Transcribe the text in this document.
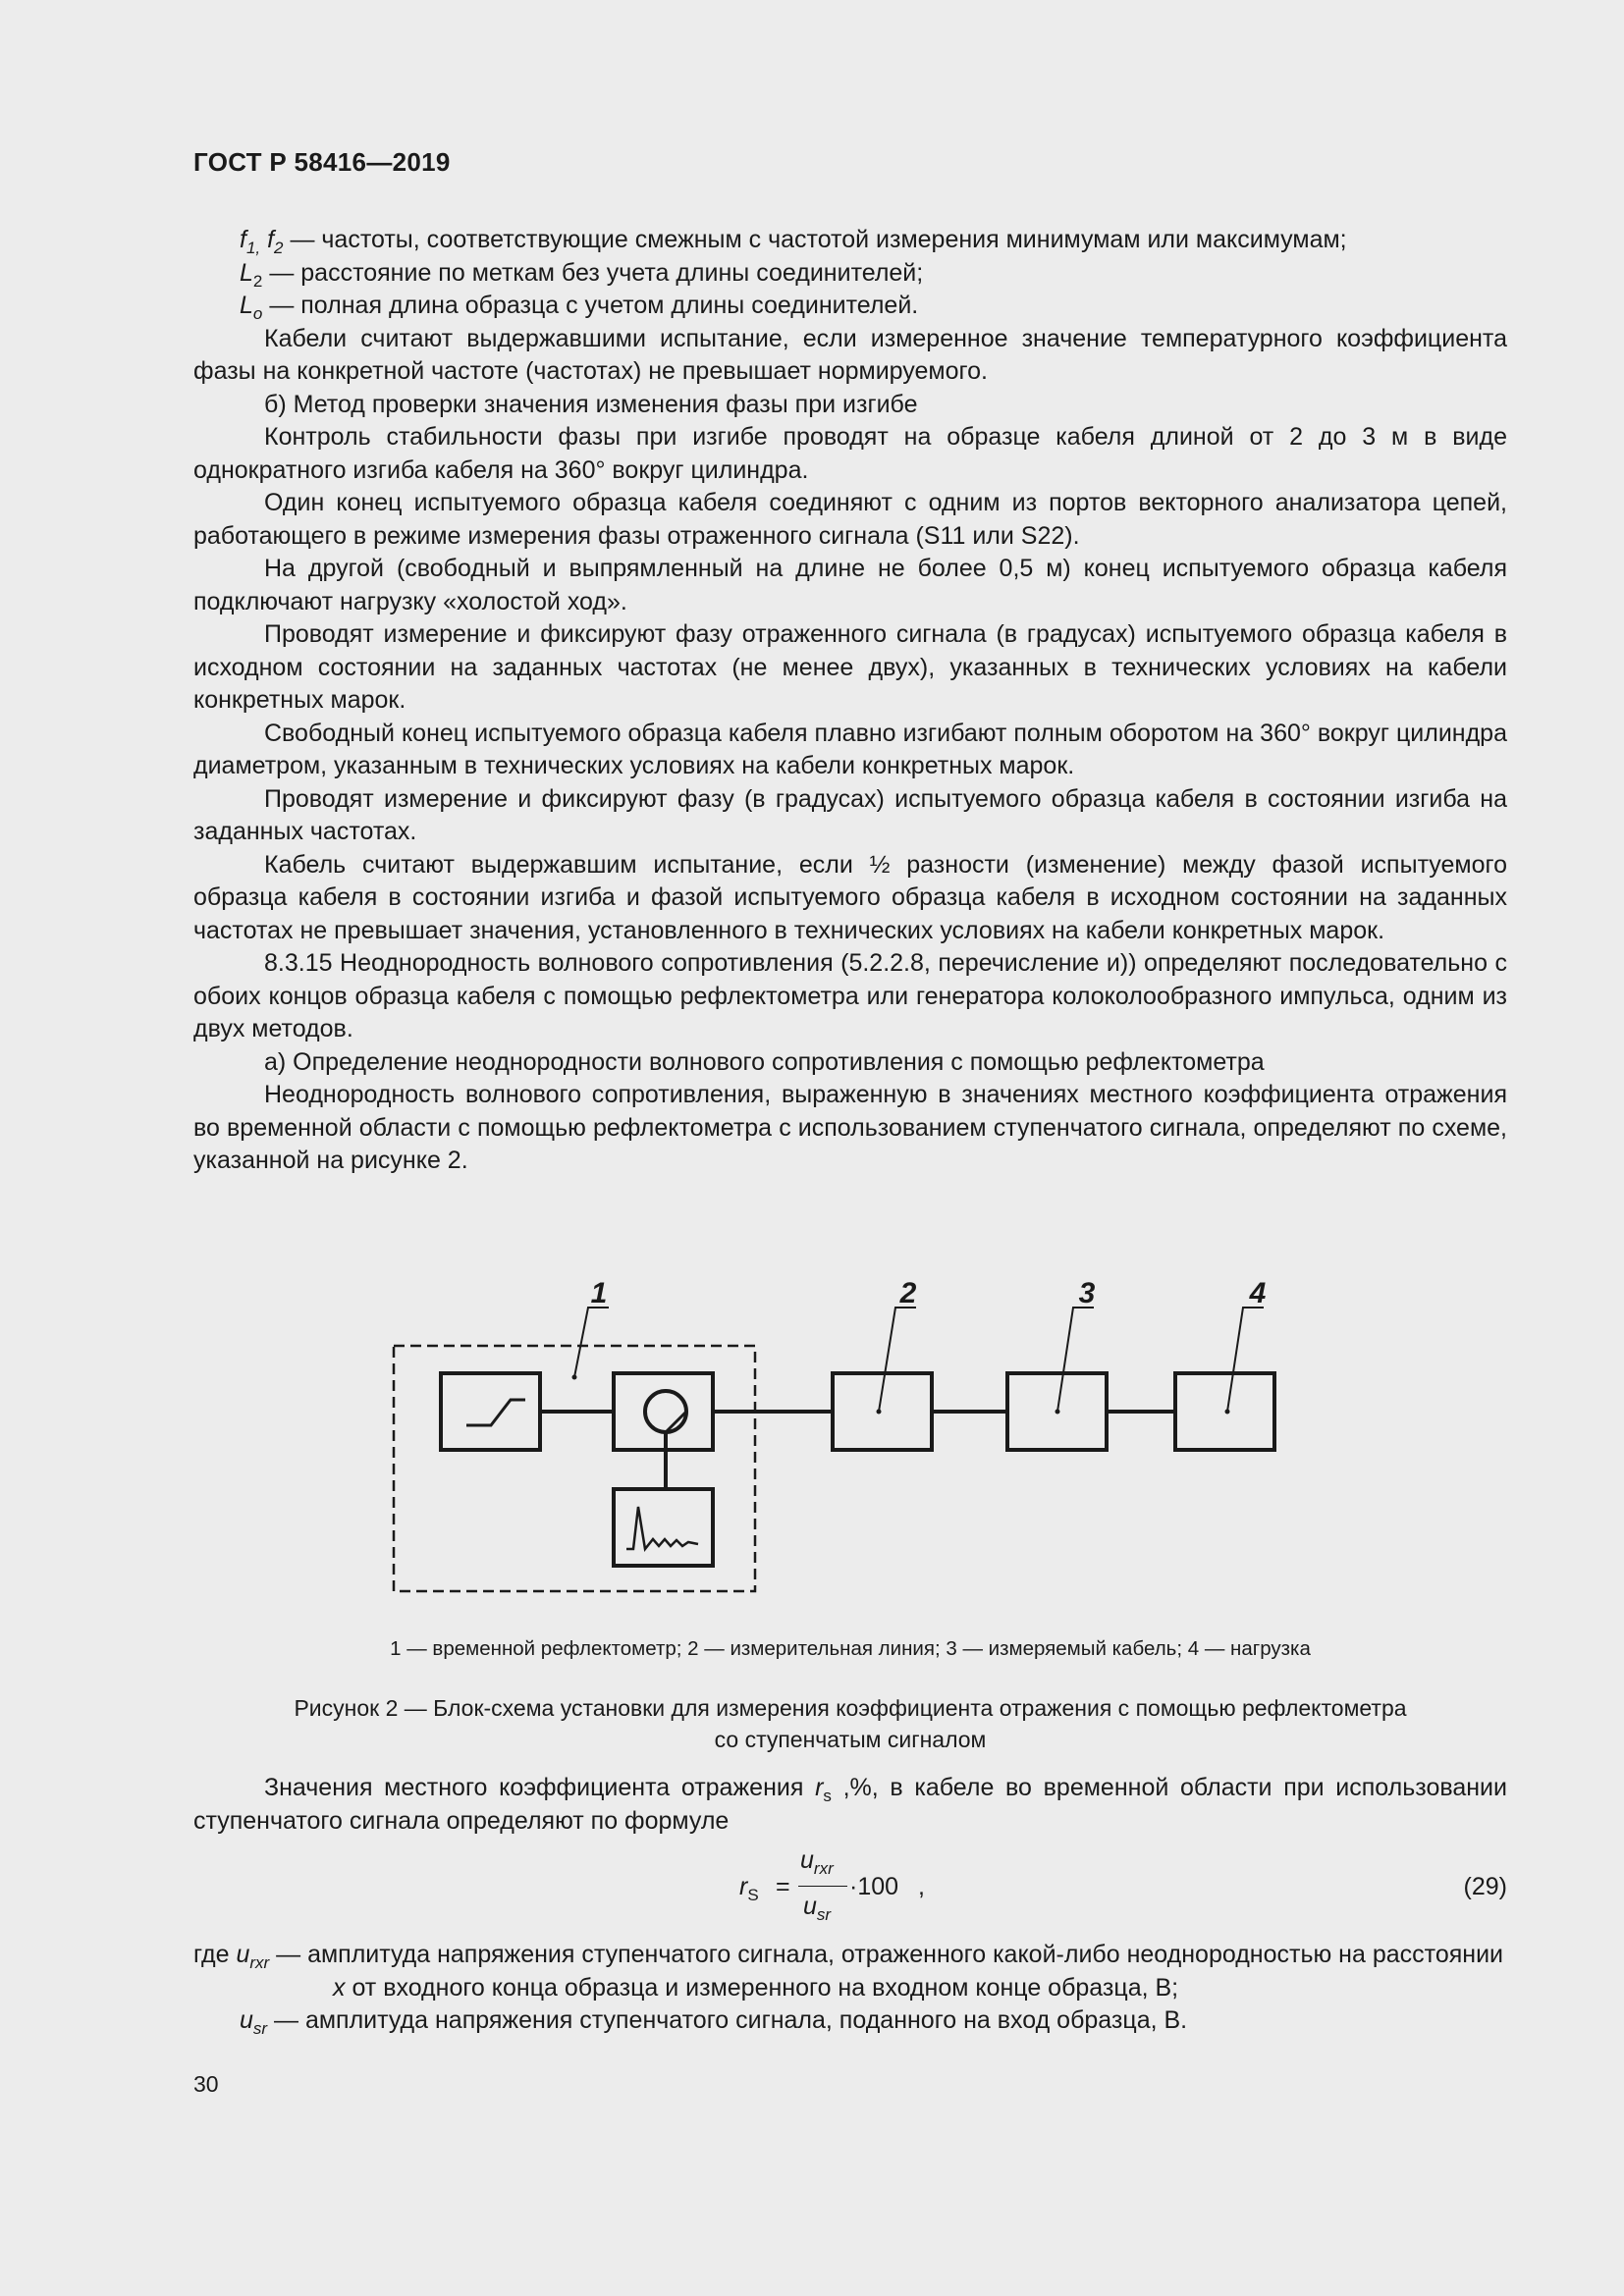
ГОСТ Р 58416—2019

$f_{1,}$ $f_2$ — частоты, соответствующие смежным с частотой измерения минимумам или максимумам;

$L_2$ — расстояние по меткам без учета длины соединителей;

$L_o$ — полная длина образца с учетом длины соединителей.

Кабели считают выдержавшими испытание, если измеренное значение температурного коэффициента фазы на конкретной частоте (частотах) не превышает нормируемого.

б) Метод проверки значения изменения фазы при изгибе

Контроль стабильности фазы при изгибе проводят на образце кабеля длиной от 2 до 3 м в виде однократного изгиба кабеля на 360° вокруг цилиндра.

Один конец испытуемого образца кабеля соединяют с одним из портов векторного анализатора цепей, работающего в режиме измерения фазы отраженного сигнала (S11 или S22).

На другой (свободный и выпрямленный на длине не более 0,5 м) конец испытуемого образца кабеля подключают нагрузку «холостой ход».

Проводят измерение и фиксируют фазу отраженного сигнала (в градусах) испытуемого образца кабеля в исходном состоянии на заданных частотах (не менее двух), указанных в технических условиях на кабели конкретных марок.

Свободный конец испытуемого образца кабеля плавно изгибают полным оборотом на 360° вокруг цилиндра диаметром, указанным в технических условиях на кабели конкретных марок.

Проводят измерение и фиксируют фазу (в градусах) испытуемого образца кабеля в состоянии изгиба на заданных частотах.

Кабель считают выдержавшим испытание, если ½ разности (изменение) между фазой испытуемого образца кабеля в состоянии изгиба и фазой испытуемого образца кабеля в исходном состоянии на заданных частотах не превышает значения, установленного в технических условиях на кабели конкретных марок.

8.3.15 Неоднородность волнового сопротивления (5.2.2.8, перечисление и)) определяют последовательно с обоих концов образца кабеля с помощью рефлектометра или генератора колоколообразного импульса, одним из двух методов.

а) Определение неоднородности волнового сопротивления с помощью рефлектометра

Неоднородность волнового сопротивления, выраженную в значениях местного коэффициента отражения во временной области с помощью рефлектометра с использованием ступенчатого сигнала, определяют по схеме, указанной на рисунке 2.

1	2	3	4
1 — временной рефлектометр; 2 — измерительная линия; 3 — измеряемый кабель; 4 — нагрузка
Рисунок 2 — Блок-схема установки для измерения коэффициента отражения с помощью рефлектометра
со ступенчатым сигналом

Значения местного коэффициента отражения $r_s$ ,%, в кабеле во временной области при использовании ступенчатого сигнала определяют по формуле

$r_S$ =
$u_{rxr}$
$u_{sr}$
·100 ,	(29)

где $u_{rxr}$ — амплитуда напряжения ступенчатого сигнала, отраженного какой-либо неоднородностью на расстоянии x от входного конца образца и измеренного на входном конце образца, В;

$u_{sr}$ — амплитуда напряжения ступенчатого сигнала, поданного на вход образца, В.

30
